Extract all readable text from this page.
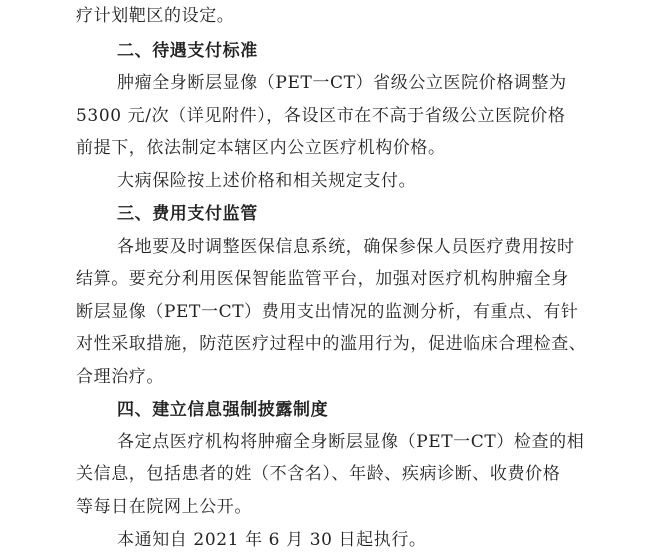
疗计划靶区的设定。
二、待遇支付标准
肿瘤全身断层显像（PET一CT）省级公立医院价格调整为
5300 元/次（详见附件），各设区市在不高于省级公立医院价格
前提下，依法制定本辖区内公立医疗机构价格。
大病保险按上述价格和相关规定支付。
三、费用支付监管
各地要及时调整医保信息系统，确保参保人员医疗费用按时
结算。要充分利用医保智能监管平台，加强对医疗机构肿瘤全身
断层显像（PET一CT）费用支出情况的监测分析，有重点、有针
对性采取措施，防范医疗过程中的滥用行为，促进临床合理检查、
合理治疗。
四、建立信息强制披露制度
各定点医疗机构将肿瘤全身断层显像（PET一CT）检查的相
关信息，包括患者的姓（不含名）、年龄、疾病诊断、收费价格
等每日在院网上公开。
本通知自 2021 年 6 月 30 日起执行。
